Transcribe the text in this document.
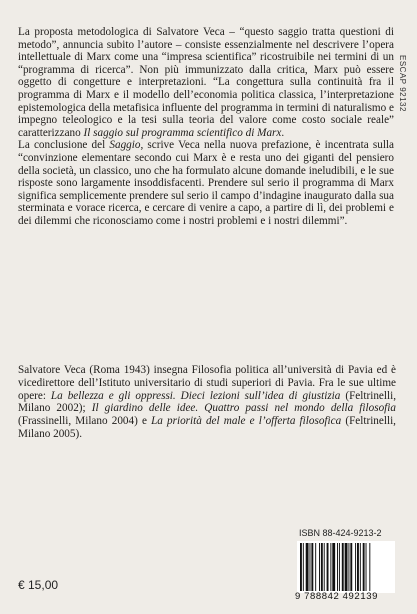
ESCAP 92132

La proposta metodologica di Salvatore Veca – “questo saggio tratta questioni di metodo”, annuncia subito l’autore – consiste essenzialmente nel descrivere l’opera intellettuale di Marx come una “impresa scientifica” ricostruibile nei termini di un “programma di ricerca”. Non più immunizzato dalla critica, Marx può essere oggetto di congetture e interpretazioni. “La congettura sulla continuità fra il programma di Marx e il modello dell’economia politica classica, l’interpretazione epistemologica della metafisica influente del programma in termini di naturalismo e impegno teleologico e la tesi sulla teoria del valore come costo sociale reale” caratterizzano Il saggio sul programma scientifico di Marx.

La conclusione del Saggio, scrive Veca nella nuova prefazione, è incentrata sulla “convinzione elementare secondo cui Marx è e resta uno dei giganti del pensiero della società, un classico, uno che ha formulato alcune domande ineludibili, e le sue risposte sono largamente insoddisfacenti. Prendere sul serio il programma di Marx significa semplicemente prendere sul serio il campo d’indagine inaugurato dalla sua sterminata e vorace ricerca, e cercare di venire a capo, a partire di lì, dei problemi e dei dilemmi che riconosciamo come i nostri problemi e i nostri dilemmi”.

Salvatore Veca (Roma 1943) insegna Filosofia politica all’università di Pavia ed è vicedirettore dell’Istituto universitario di studi superiori di Pavia. Fra le sue ultime opere: La bellezza e gli oppressi. Dieci lezioni sull’idea di giustizia (Feltrinelli, Milano 2002); Il giardino delle idee. Quattro passi nel mondo della filosofia (Frassinelli, Milano 2004) e La priorità del male e l’offerta filosofica (Feltrinelli, Milano 2005).

ISBN 88-424-9213-2
9 788842 492139
€ 15,00
